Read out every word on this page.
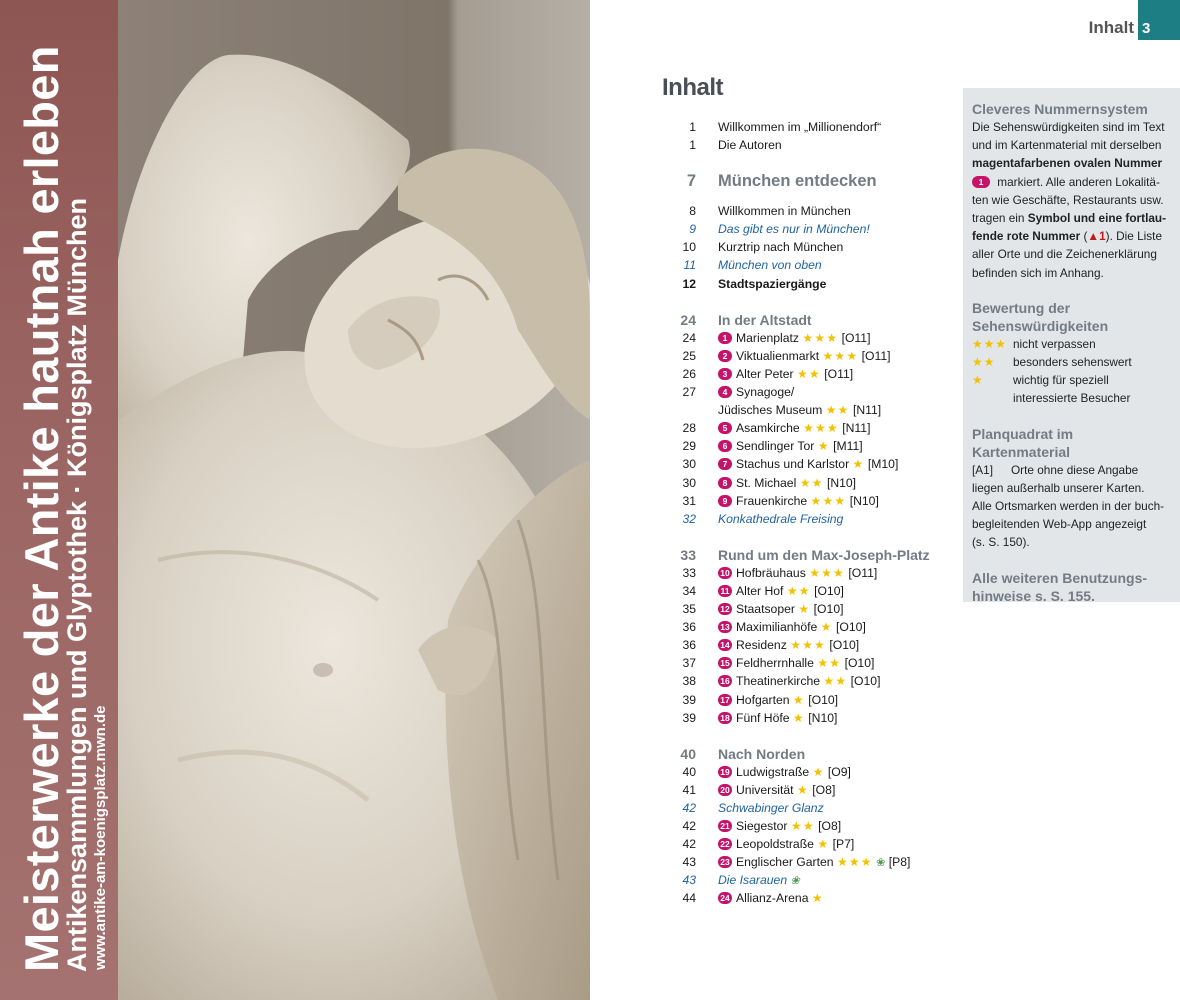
Meisterwerke der Antike hautnah erleben
Antikensammlungen und Glyptothek · Königsplatz München www.antike-am-koenigsplatz.mwn.de
Inhalt 3
Inhalt
1 Willkommen im „Millionendorf“
1 Die Autoren
7 München entdecken
8 Willkommen in München
9 Das gibt es nur in München!
10 Kurztrip nach München
11 München von oben
12 Stadtspaziergänge
24 In der Altstadt
24	1 Marienplatz ★★★ [O11]
25	2 Viktualienmarkt ★★★ [O11]
26	3 Alter Peter ★★ [O11]
27	4 Synagoge/
Jüdisches Museum ★★ [N11]
28	5 Asamkirche ★★★ [N11]
29	6 Sendlinger Tor ★ [M11]
30	7 Stachus und Karlstor ★ [M10]
30	8 St. Michael ★★ [N10]
31	9 Frauenkirche ★★★ [N10]
32 Konkathedrale Freising
33 Rund um den Max-Joseph-Platz
33	10 Hofbräuhaus ★★★ [O11]
34	11 Alter Hof ★★ [O10]
35	12 Staatsoper ★ [O10]
36	13 Maximilianhöfe ★ [O10]
36	14 Residenz ★★★ [O10]
37	15 Feldherrnhalle ★★ [O10]
38	16 Theatinerkirche ★★ [O10]
39	17 Hofgarten ★ [O10]
39	18 Fünf Höfe ★ [N10]
40 Nach Norden
40	19 Ludwigstraße ★ [O9]
41	20 Universität ★ [O8]
42 Schwabinger Glanz
42	21 Siegestor ★★ [O8]
42	22 Leopoldstraße ★ [P7]
43	23 Englischer Garten ★★★ ❀ [P8]
43 Die Isarauen ❀
44	24 Allianz-Arena ★
Cleveres Nummernsystem
Die Sehenswürdigkeiten sind im Text
und im Kartenmaterial mit derselben
magentafarbenen ovalen Nummer
1 markiert. Alle anderen Lokalitä-
ten wie Geschäfte, Restaurants usw.
tragen ein Symbol und eine fortlau-
fende rote Nummer (▲1). Die Liste
aller Orte und die Zeichenerklärung
befinden sich im Anhang.
Bewertung der
Sehenswürdigkeiten
★★★ nicht verpassen
★★ besonders sehenswert
★ wichtig für speziell
interessierte Besucher
Planquadrat im Kartenmaterial
[A1] Orte ohne diese Angabe
liegen außerhalb unserer Karten.
Alle Ortsmarken werden in der buch-
begleitenden Web-App angezeigt
(s. S. 150).
Alle weiteren Benutzungs-
hinweise s. S. 155.
